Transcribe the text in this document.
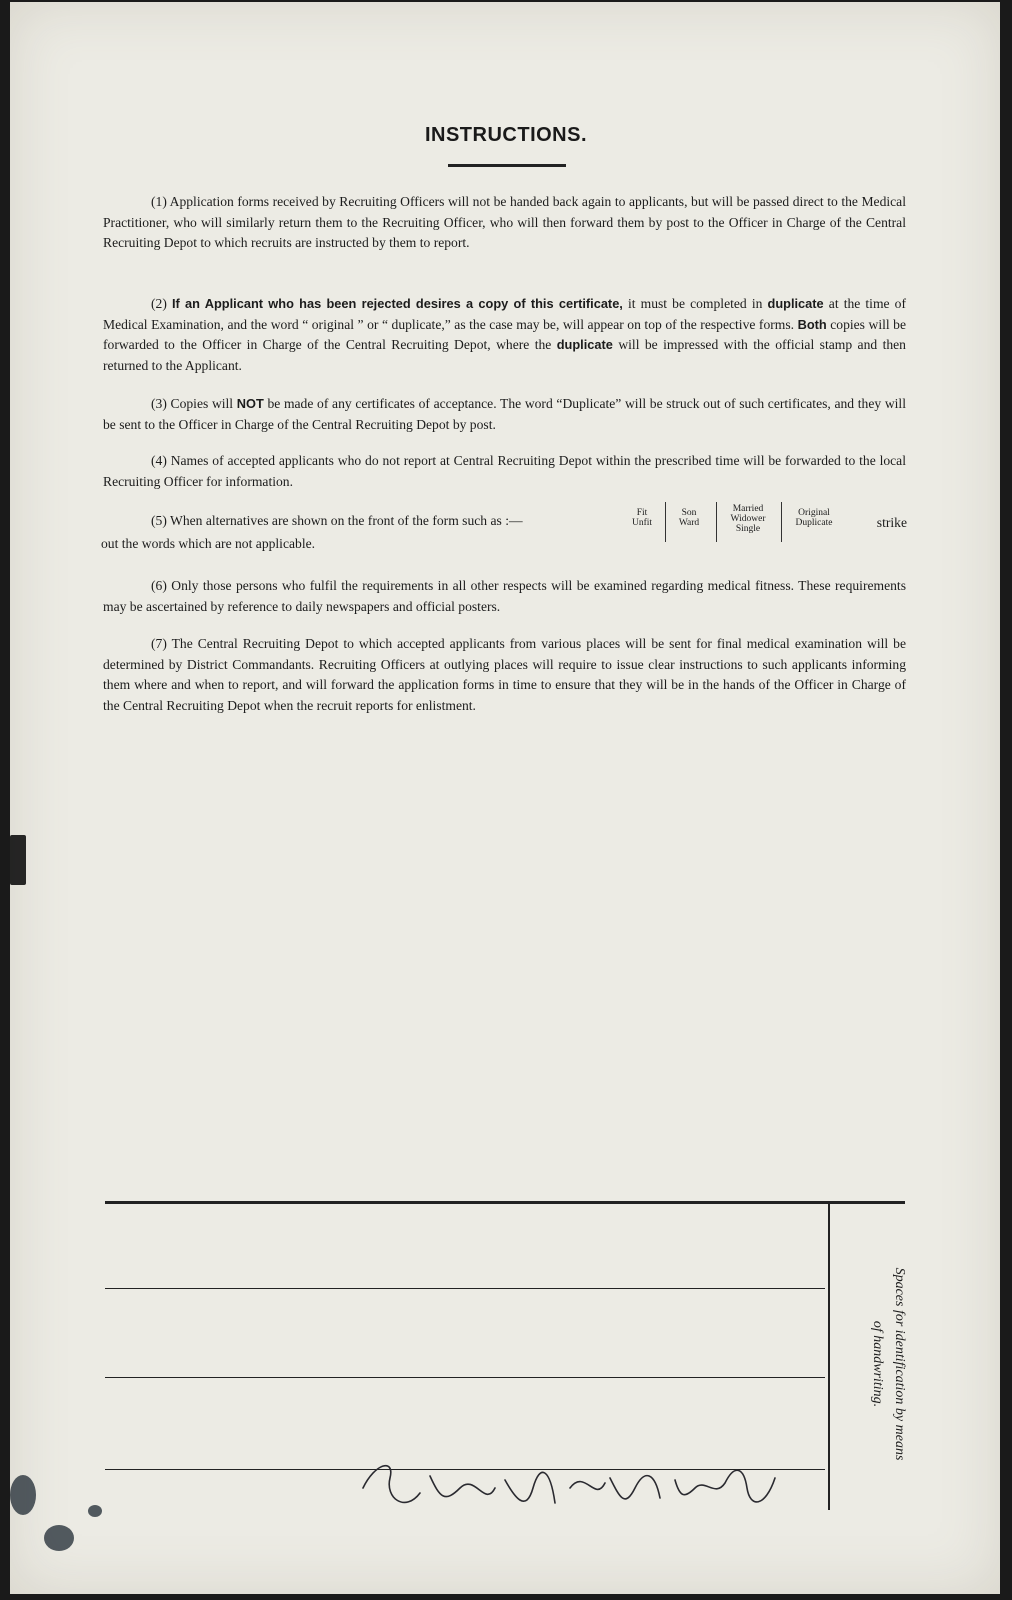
INSTRUCTIONS.
(1) Application forms received by Recruiting Officers will not be handed back again to applicants, but will be passed direct to the Medical Practitioner, who will similarly return them to the Recruiting Officer, who will then forward them by post to the Officer in Charge of the Central Recruiting Depot to which recruits are instructed by them to report.
(2) If an Applicant who has been rejected desires a copy of this certificate, it must be completed in duplicate at the time of Medical Examination, and the word “ original ” or “ duplicate,” as the case may be, will appear on top of the respective forms. Both copies will be forwarded to the Officer in Charge of the Central Recruiting Depot, where the duplicate will be impressed with the official stamp and then returned to the Applicant.
(3) Copies will NOT be made of any certificates of acceptance. The word “Duplicate” will be struck out of such certificates, and they will be sent to the Officer in Charge of the Central Recruiting Depot by post.
(4) Names of accepted applicants who do not report at Central Recruiting Depot within the prescribed time will be forwarded to the local Recruiting Officer for information.
(5) When alternatives are shown on the front of the form such as :—	Fit
Unfit
Son
Ward
Married
Widower
Single
Original
Duplicate	strike
out the words which are not applicable.
(6) Only those persons who fulfil the requirements in all other respects will be examined regarding medical fitness. These requirements may be ascertained by reference to daily newspapers and official posters.
(7) The Central Recruiting Depot to which accepted applicants from various places will be sent for final medical examination will be determined by District Commandants. Recruiting Officers at outlying places will require to issue clear instructions to such applicants informing them where and when to report, and will forward the application forms in time to ensure that they will be in the hands of the Officer in Charge of the Central Recruiting Depot when the recruit reports for enlistment.
Spaces for identification by means
of handwriting.
